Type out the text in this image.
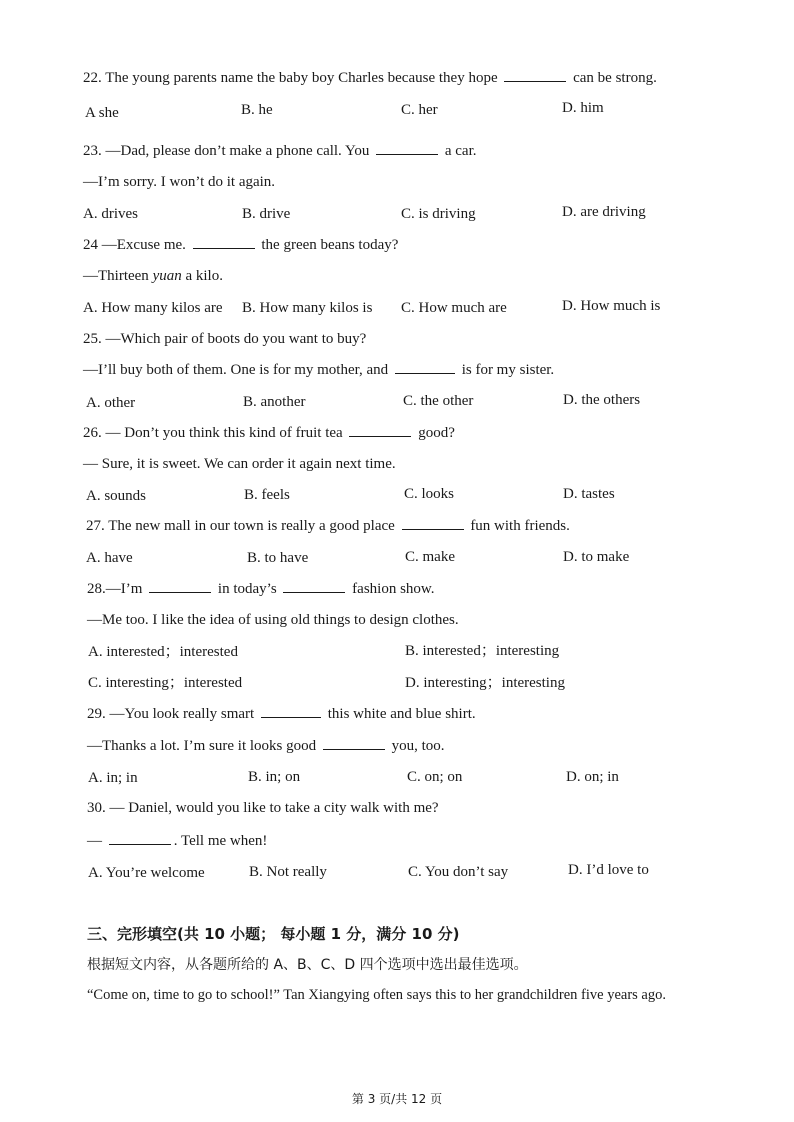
22. The young parents name the baby boy Charles because they hope	can be strong.
A she	B. he	C. her	D. him
23. —Dad, please don’t make a phone call. You	a car.
—I’m sorry. I won’t do it again.
A. drives	B. drive	C. is driving	D. are driving
24 —Excuse me.	the green beans today?
—Thirteen yuan a kilo.
A. How many kilos are B. How many kilos is C. How much are	D. How much is
25. —Which pair of boots do you want to buy?
—I’ll buy both of them. One is for my mother, and	is for my sister.
A. other	B. another	C. the other	D. the others
26. — Don’t you think this kind of fruit tea	good?
— Sure, it is sweet. We can order it again next time.
A. sounds	B. feels	C. looks	D. tastes
27. The new mall in our town is really a good place	fun with friends.
A. have	B. to have	C. make	D. to make
28.—I’m	in today’s	fashion show.
—Me too. I like the idea of using old things to design clothes.
A. interested；interested	B. interested；interesting
C. interesting；interested	D. interesting；interesting
29. —You look really smart	this white and blue shirt.
—Thanks a lot. I’m sure it looks good	you, too.
A. in; in	B. in; on	C. on; on	D. on; in
30. — Daniel, would you like to take a city walk with me?
—	. Tell me when!
A. You’re welcome	B. Not really	C. You don’t say	D. I’d love to
三、完形填空(共 10 小题； 每小题 1 分，满分 10 分)
根据短文内容，从各题所给的 A、B、C、D 四个选项中选出最佳选项。
“Come on, time to go to school!” Tan Xiangying often says this to her grandchildren five years ago.
第 3 页/共 12 页
